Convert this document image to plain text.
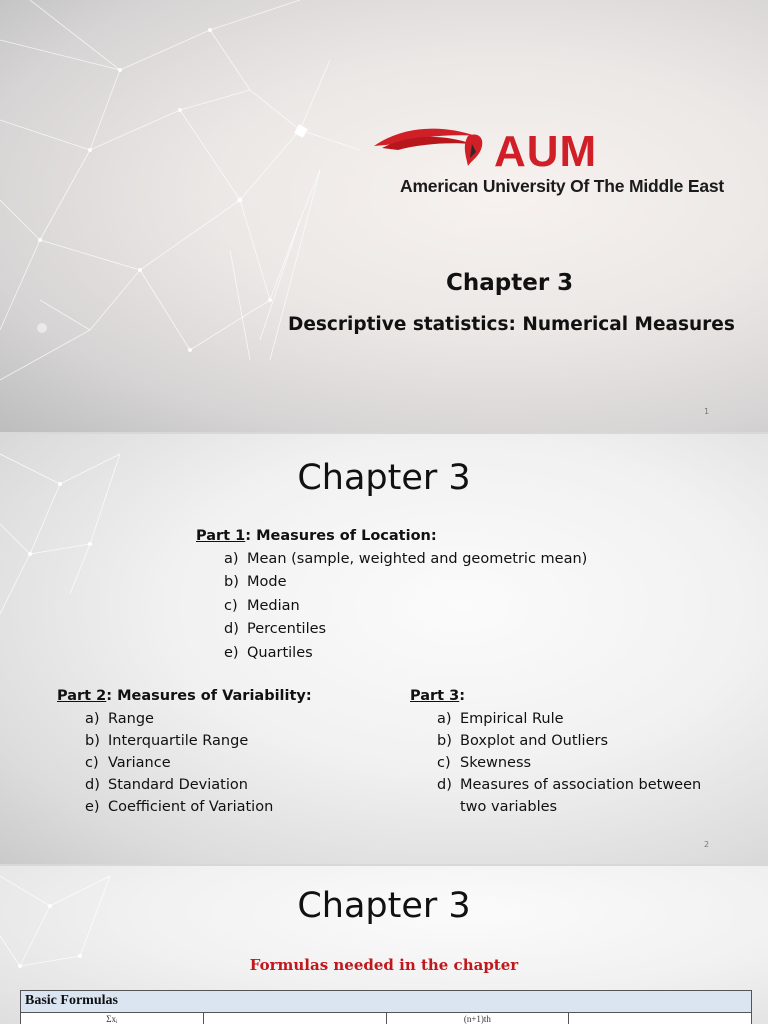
AUM
American University Of The Middle East
Chapter 3
Descriptive statistics: Numerical Measures
1
Chapter 3
Part 1: Measures of Location:
a) Mean (sample, weighted and geometric mean)
b) Mode
c) Median
d) Percentiles
e) Quartiles
Part 2: Measures of Variability:
a) Range
b) Interquartile Range
c) Variance
d) Standard Deviation
e) Coefficient of Variation
Part 3:
a) Empirical Rule
b) Boxplot and Outliers
c) Skewness
d) Measures of association between
two variables
2
Chapter 3
Formulas needed in the chapter
Basic Formulas
Σxᵢ	(n+1)th
